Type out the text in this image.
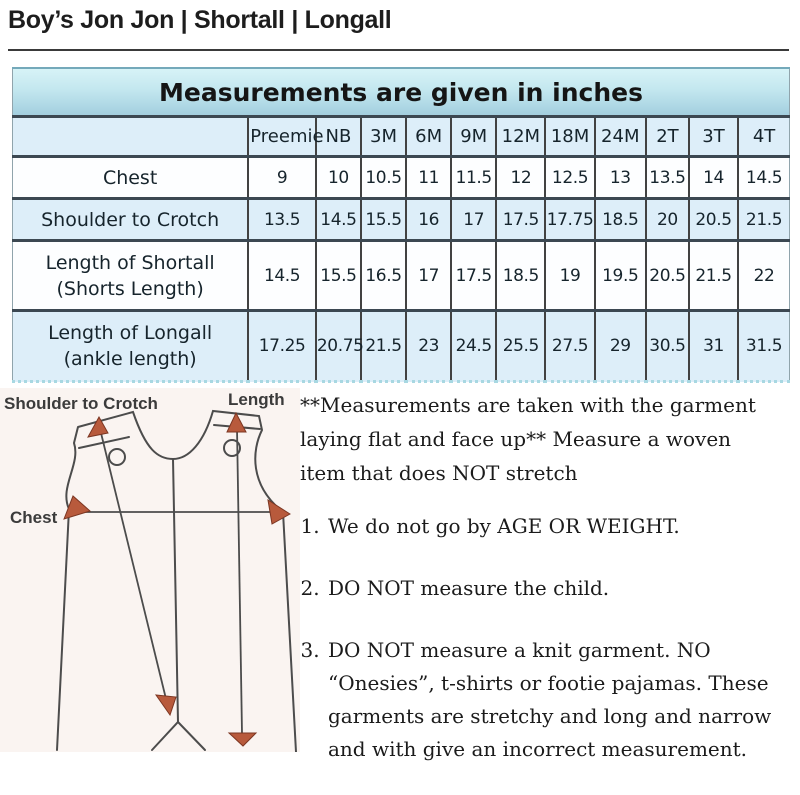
Boy’s Jon Jon | Shortall | Longall
Measurements are given in inches											
	Preemie	NB	3M	6M	9M	12M	18M	24M	2T	3T	4T

Chest	9	10	10.5	11	11.5	12	12.5	13	13.5	14	14.5

Shoulder to Crotch	13.5	14.5	15.5	16	17	17.5	17.75	18.5	20	20.5	21.5

Length of Shortall
(Shorts Length)	14.5	15.5	16.5	17	17.5	18.5	19	19.5	20.5	21.5	22

Length of Longall
(ankle length)	17.25	20.75	21.5	23	24.5	25.5	27.5	29	30.5	31	31.5
Shoulder to Crotch	Length
Chest

**Measurements are taken with the garment laying flat and face up** Measure a woven item that does NOT stretch

1. We do not go by AGE OR WEIGHT.
2. DO NOT measure the child.
3. DO NOT measure a knit garment. NO “Onesies”, t-shirts or footie pajamas. These garments are stretchy and long and narrow and with give an incorrect measurement.
